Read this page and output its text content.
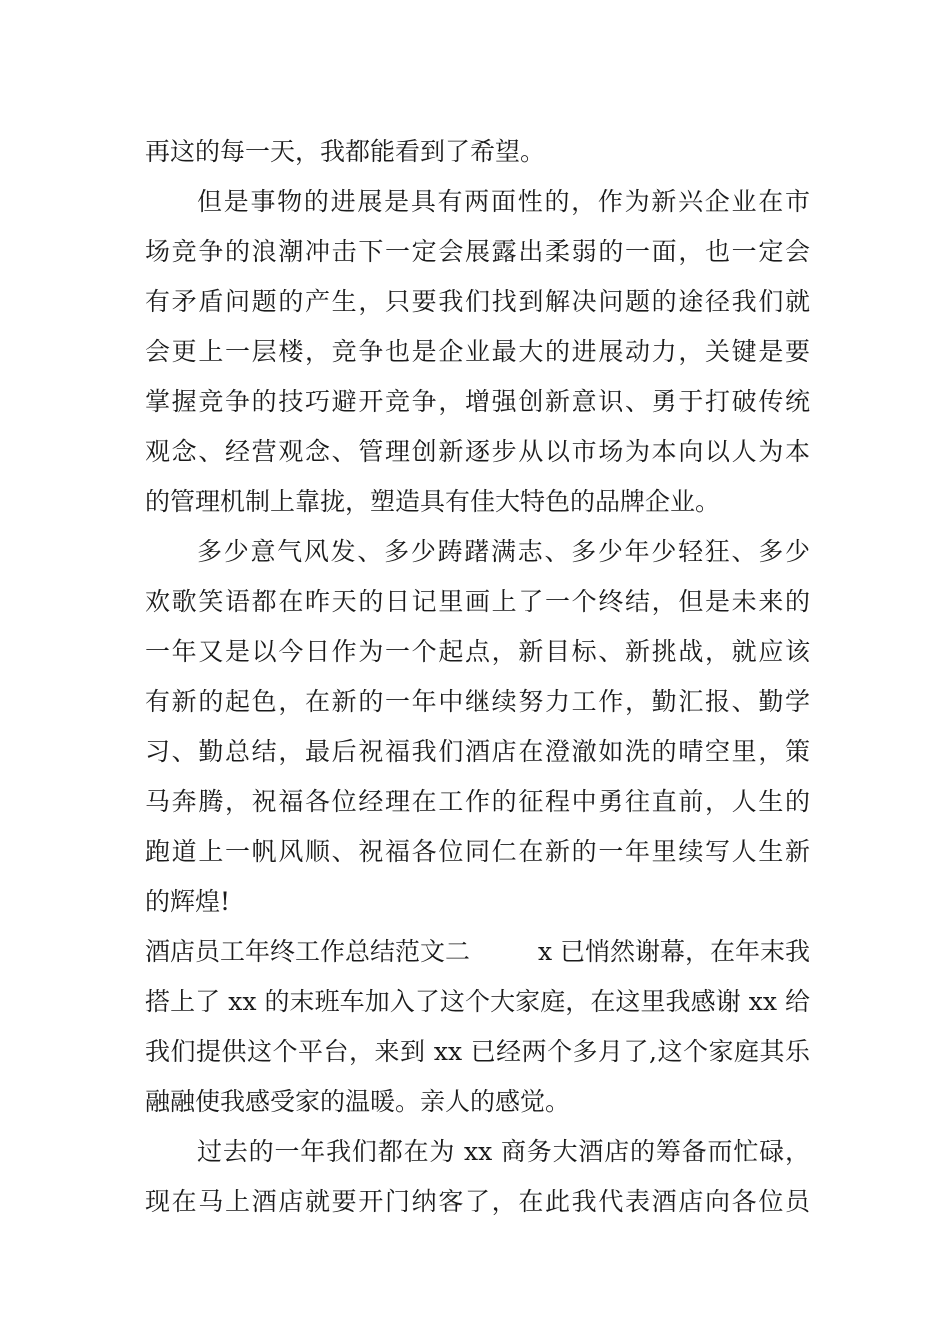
再这的每一天，我都能看到了希望。
但是事物的进展是具有两面性的，作为新兴企业在市
场竞争的浪潮冲击下一定会展露出柔弱的一面，也一定会
有矛盾问题的产生，只要我们找到解决问题的途径我们就
会更上一层楼，竞争也是企业最大的进展动力，关键是要
掌握竞争的技巧避开竞争，增强创新意识、勇于打破传统
观念、经营观念、管理创新逐步从以市场为本向以人为本
的管理机制上靠拢，塑造具有佳大特色的品牌企业。
多少意气风发、多少踌躇满志、多少年少轻狂、多少
欢歌笑语都在昨天的日记里画上了一个终结，但是未来的
一年又是以今日作为一个起点，新目标、新挑战，就应该
有新的起色，在新的一年中继续努力工作，勤汇报、勤学
习、勤总结，最后祝福我们酒店在澄澈如洗的晴空里，策
马奔腾，祝福各位经理在工作的征程中勇往直前，人生的
跑道上一帆风顺、祝福各位同仁在新的一年里续写人生新
的辉煌!
酒店员工年终工作总结范文二	x 已悄然谢幕，在年末我
搭上了 xx 的末班车加入了这个大家庭，在这里我感谢 xx 给
我们提供这个平台，来到 xx 已经两个多月了,这个家庭其乐
融融使我感受家的温暖。亲人的感觉。
过去的一年我们都在为 xx 商务大酒店的筹备而忙碌，
现在马上酒店就要开门纳客了，在此我代表酒店向各位员
